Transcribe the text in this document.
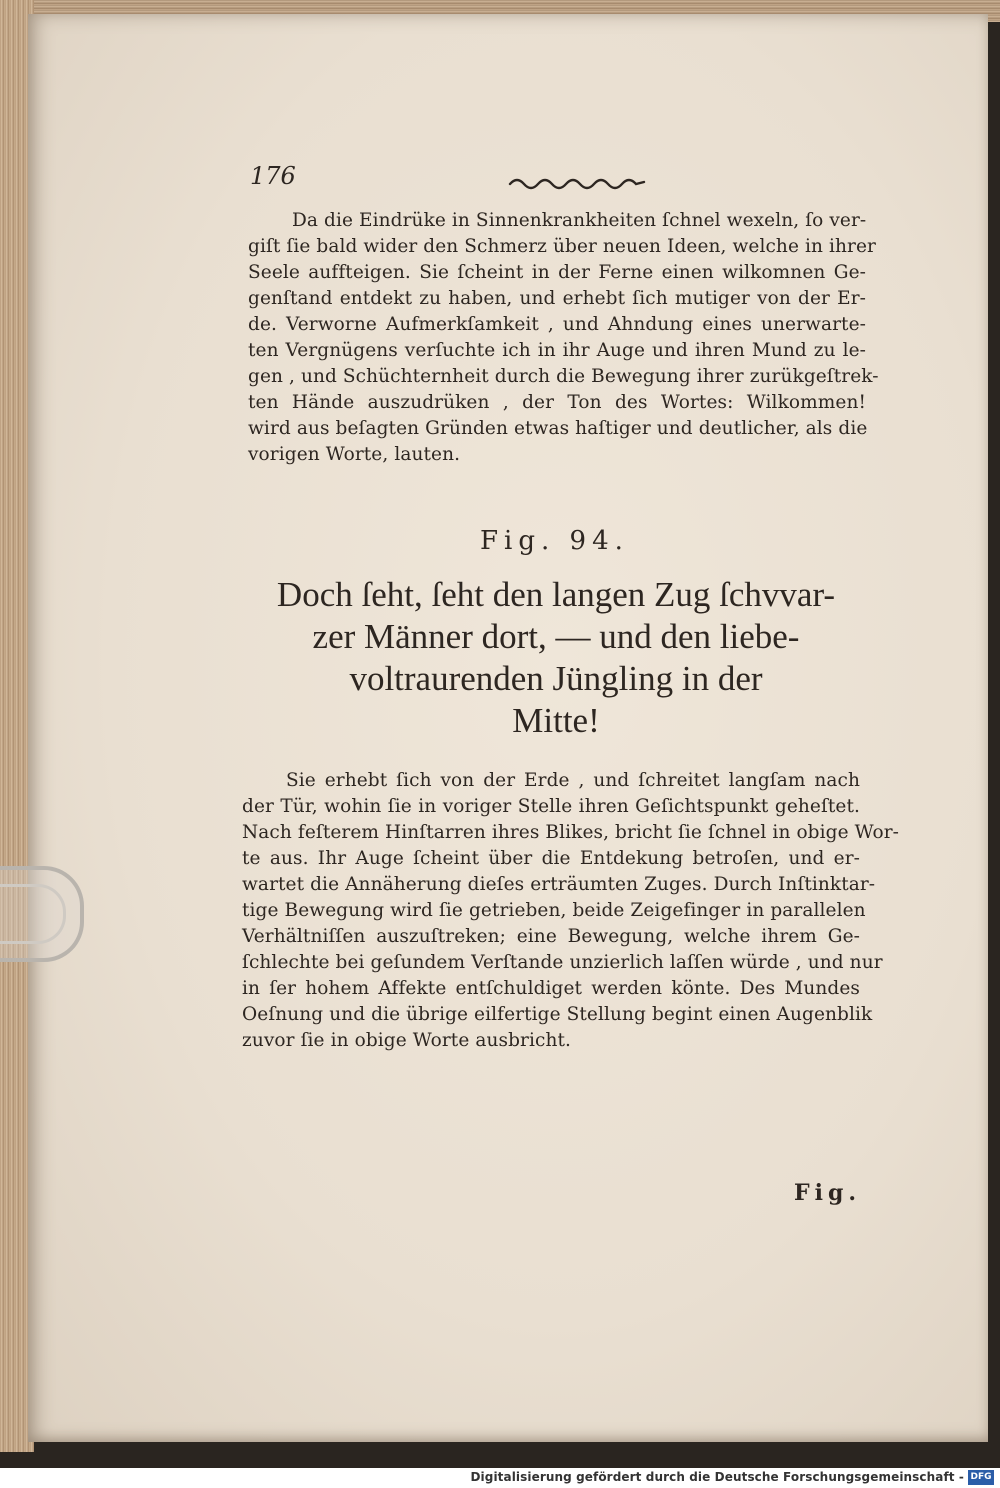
176
Da die Eindrüke in Sinnenkrankheiten ſchnel wexeln, ſo ver-
giſt ſie bald wider den Schmerz über neuen Ideen, welche in ihrer
Seele auffteigen. Sie ſcheint in der Ferne einen wilkomnen Ge-
genſtand entdekt zu haben, und erhebt ſich mutiger von der Er-
de. Verworne Aufmerkſamkeit , und Ahndung eines unerwarte-
ten Vergnügens verſuchte ich in ihr Auge und ihren Mund zu le-
gen , und Schüchternheit durch die Bewegung ihrer zurükgeſtrek-
ten Hände auszudrüken , der Ton des Wortes: Wilkommen!
wird aus beſagten Gründen etwas haſtiger und deutlicher, als die
vorigen Worte, lauten.
Fig. 94.
Doch ſeht, ſeht den langen Zug ſchvvar-
zer Männer dort, — und den liebe-
voltraurenden Jüngling in der
Mitte!
Sie erhebt ſich von der Erde , und ſchreitet langſam nach
der Tür, wohin ſie in voriger Stelle ihren Geſichtspunkt geheſtet.
Nach feſterem Hinſtarren ihres Blikes, bricht ſie ſchnel in obige Wor-
te aus. Ihr Auge ſcheint über die Entdekung betroſen, und er-
wartet die Annäherung dieſes erträumten Zuges. Durch Inſtinktar-
tige Bewegung wird ſie getrieben, beide Zeigefinger in parallelen
Verhältniſſen auszuſtreken; eine Bewegung, welche ihrem Ge-
ſchlechte bei geſundem Verſtande unzierlich laſſen würde , und nur
in ſer hohem Affekte entſchuldiget werden könte. Des Mundes
Oeſnung und die übrige eilfertige Stellung begint einen Augenblik
zuvor ſie in obige Worte ausbricht.
Fig.
Digitalisierung gefördert durch die Deutsche Forschungsgemeinschaft - DFG
